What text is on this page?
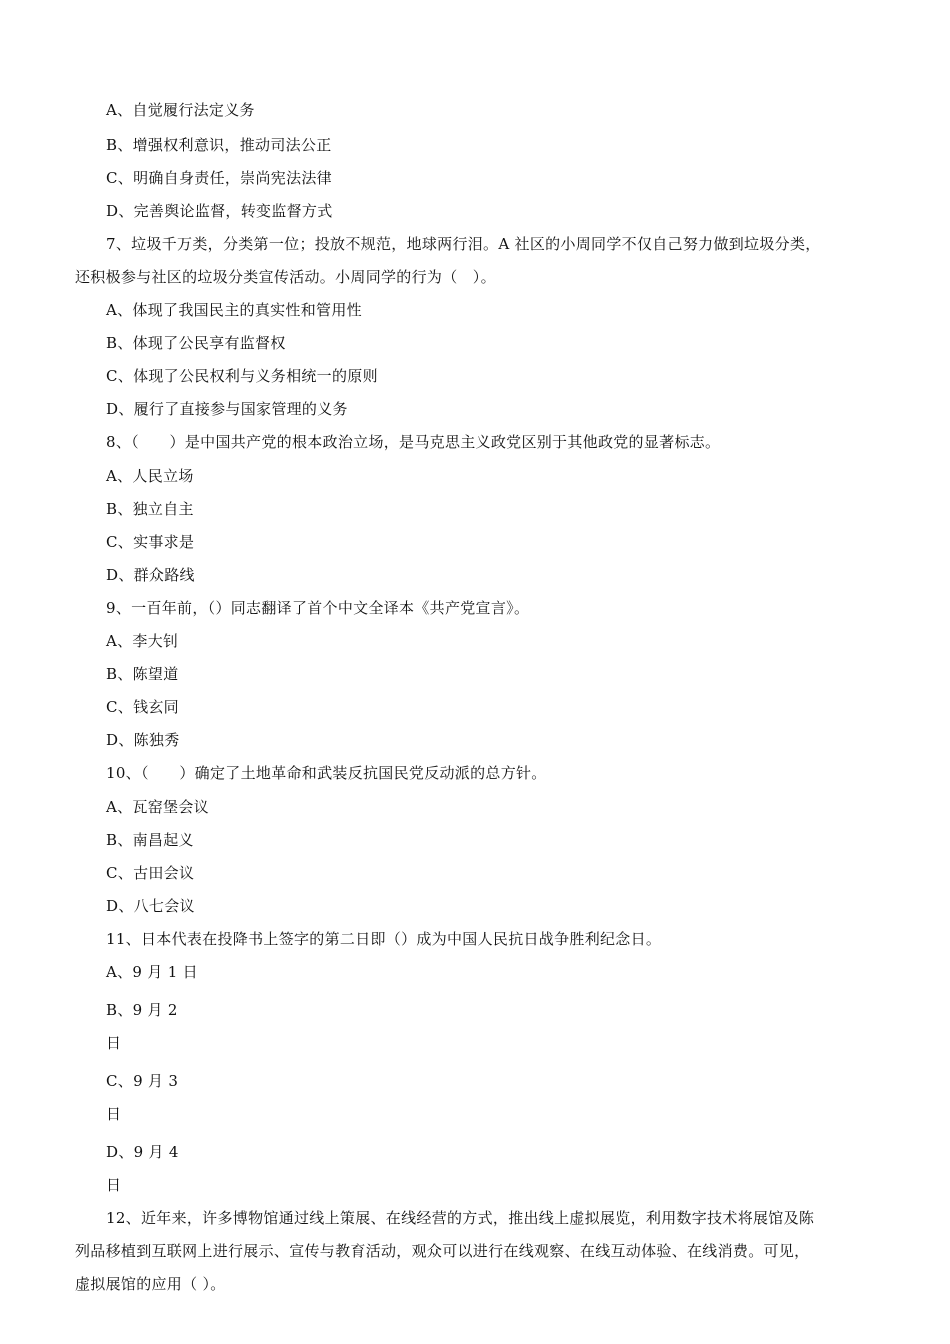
A、自觉履行法定义务
B、增强权利意识，推动司法公正
C、明确自身责任，崇尚宪法法律
D、完善舆论监督，转变监督方式
7、垃圾千万类，分类第一位；投放不规范，地球两行泪。A 社区的小周同学不仅自己努力做到垃圾分类，
还积极参与社区的垃圾分类宣传活动。小周同学的行为（　）。
A、体现了我国民主的真实性和管用性
B、体现了公民享有监督权
C、体现了公民权利与义务相统一的原则
D、履行了直接参与国家管理的义务
8、（　　）是中国共产党的根本政治立场，是马克思主义政党区别于其他政党的显著标志。
A、人民立场
B、独立自主
C、实事求是
D、群众路线
9、一百年前，（）同志翻译了首个中文全译本《共产党宣言》。
A、李大钊
B、陈望道
C、钱玄同
D、陈独秀
10、（　　）确定了土地革命和武装反抗国民党反动派的总方针。
A、瓦窑堡会议
B、南昌起义
C、古田会议
D、八七会议
11、日本代表在投降书上签字的第二日即（）成为中国人民抗日战争胜利纪念日。
A、9 月 1 日
B、9 月 2
日
C、9 月 3
日
D、9 月 4
日
12、近年来，许多博物馆通过线上策展、在线经营的方式，推出线上虚拟展览，利用数字技术将展馆及陈
列品移植到互联网上进行展示、宣传与教育活动，观众可以进行在线观察、在线互动体验、在线消费。可见，
虚拟展馆的应用（ ）。
